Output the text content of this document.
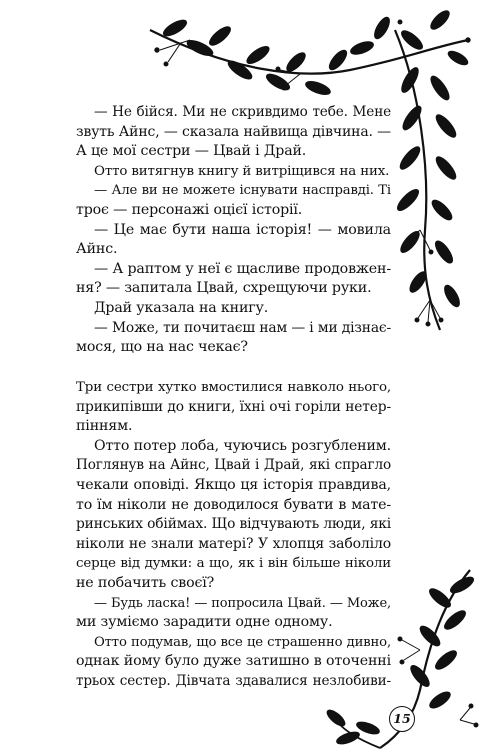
— Не бійся. Ми не скривдимо тебе. Мене
звуть Айнс, — сказала найвища дівчина. —
А це мої сестри — Цвай і Драй.
Отто витягнув книгу й витріщився на них.
— Але ви не можете існувати насправді. Ті
троє — персонажі оцієї історії.
— Це має бути наша історія! — мовила
Айнс.
— А раптом у неї є щасливе продовжен-
ня? — запитала Цвай, схрещуючи руки.
Драй указала на книгу.
— Може, ти почитаєш нам — і ми дізнає-
мося, що на нас чекає?
Три сестри хутко вмостилися навколо нього,
прикипівши до книги, їхні очі горіли нетер-
пінням.
Отто потер лоба, чуючись розгубленим.
Поглянув на Айнс, Цвай і Драй, які спрагло
чекали оповіді. Якщо ця історія правдива,
то їм ніколи не доводилося бувати в мате-
ринських обіймах. Що відчувають люди, які
ніколи не знали матері? У хлопця заболіло
серце від думки: а що, як і він більше ніколи
не побачить своєї?
— Будь ласка! — попросила Цвай. — Може,
ми зуміємо зарадити одне одному.
Отто подумав, що все це страшенно дивно,
однак йому було дуже затишно в оточенні
трьох сестер. Дівчата здавалися незлобиви-
15
